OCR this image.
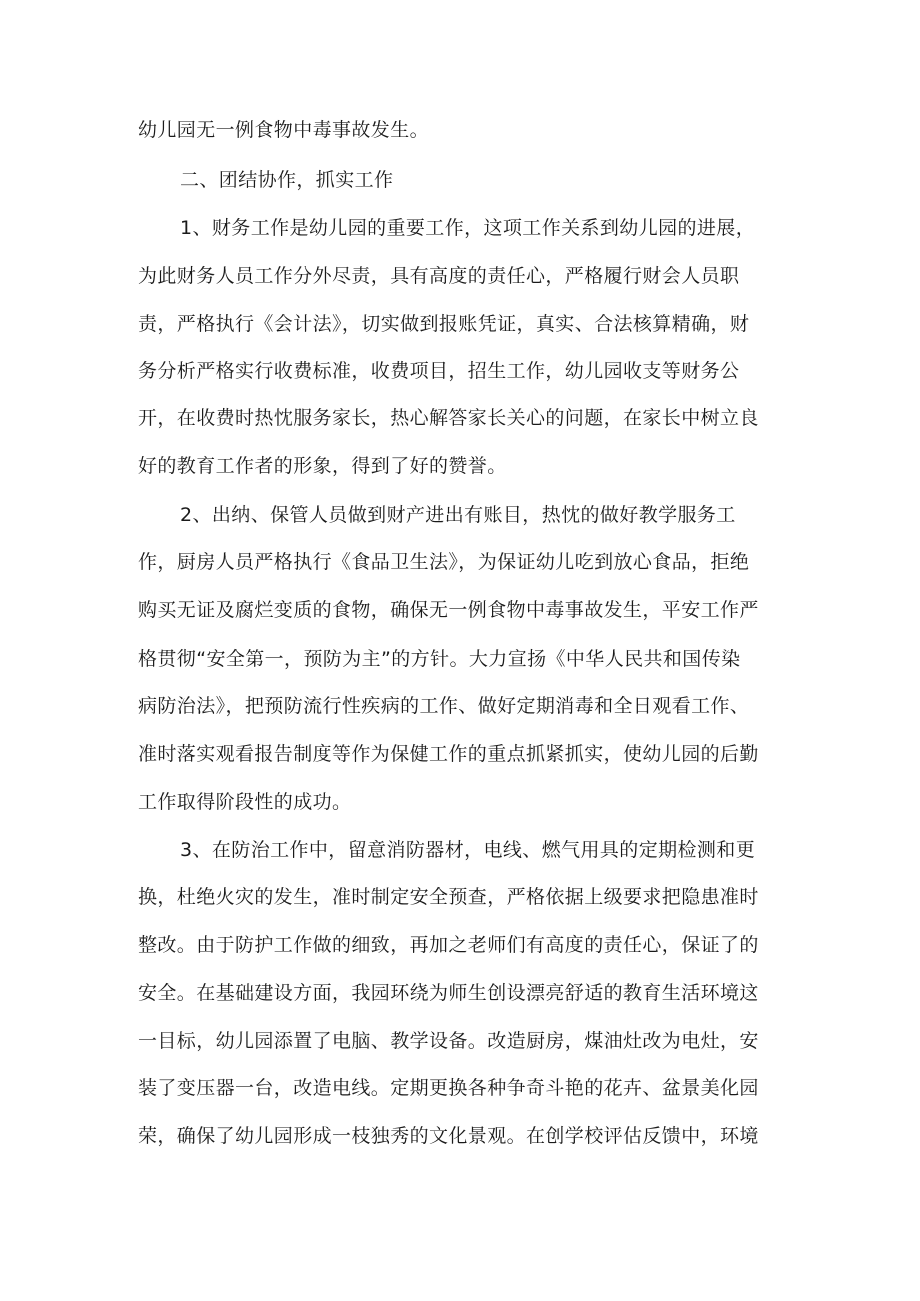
幼儿园无一例食物中毒事故发生。
二、团结协作，抓实工作
1、财务工作是幼儿园的重要工作，这项工作关系到幼儿园的进展，
为此财务人员工作分外尽责，具有高度的责任心，严格履行财会人员职
责，严格执行《会计法》，切实做到报账凭证，真实、合法核算精确，财
务分析严格实行收费标准，收费项目，招生工作，幼儿园收支等财务公
开，在收费时热忱服务家长，热心解答家长关心的问题，在家长中树立良
好的教育工作者的形象，得到了好的赞誉。
2、出纳、保管人员做到财产进出有账目，热忱的做好教学服务工
作，厨房人员严格执行《食品卫生法》，为保证幼儿吃到放心食品，拒绝
购买无证及腐烂变质的食物，确保无一例食物中毒事故发生，平安工作严
格贯彻“安全第一，预防为主”的方针。大力宣扬《中华人民共和国传染
病防治法》，把预防流行性疾病的工作、做好定期消毒和全日观看工作、
准时落实观看报告制度等作为保健工作的重点抓紧抓实，使幼儿园的后勤
工作取得阶段性的成功。
3、在防治工作中，留意消防器材，电线、燃气用具的定期检测和更
换，杜绝火灾的发生，准时制定安全预查，严格依据上级要求把隐患准时
整改。由于防护工作做的细致，再加之老师们有高度的责任心，保证了的
安全。在基础建设方面，我园环绕为师生创设漂亮舒适的教育生活环境这
一目标，幼儿园添置了电脑、教学设备。改造厨房，煤油灶改为电灶，安
装了变压器一台，改造电线。定期更换各种争奇斗艳的花卉、盆景美化园
荣，确保了幼儿园形成一枝独秀的文化景观。在创学校评估反馈中，环境
